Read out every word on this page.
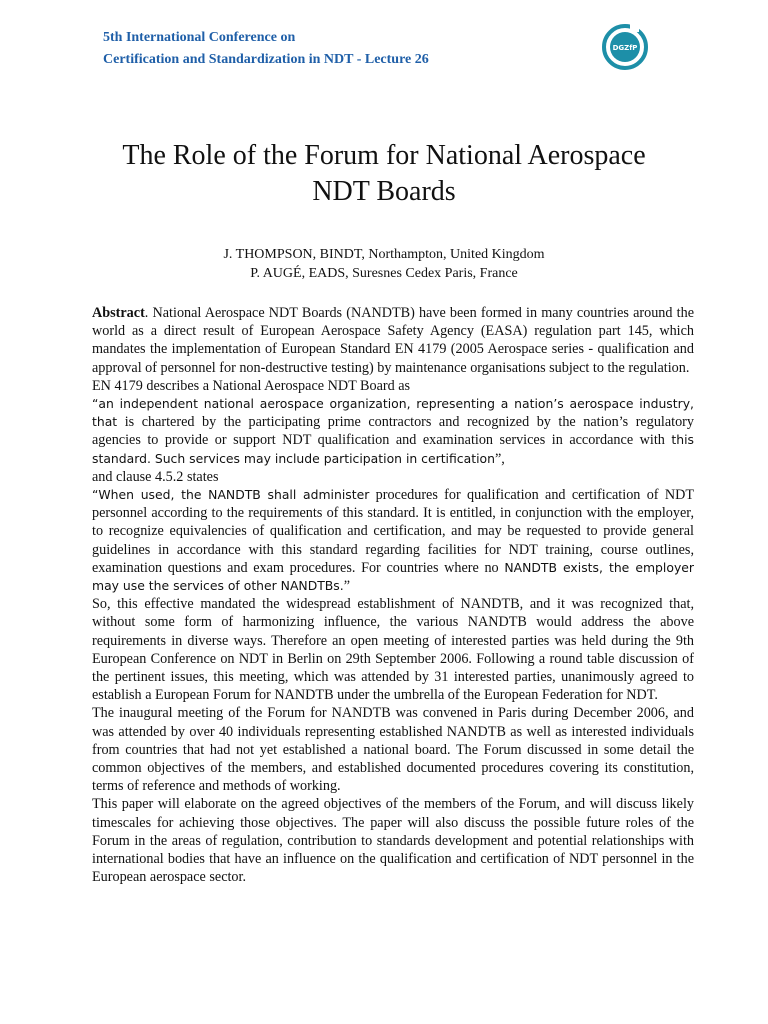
5th International Conference on
Certification and Standardization in NDT - Lecture 26
DGZfP
The Role of the Forum for National Aerospace
NDT Boards
J. THOMPSON, BINDT, Northampton, United Kingdom
P. AUGÉ, EADS, Suresnes Cedex Paris, France

Abstract. National Aerospace NDT Boards (NANDTB) have been formed in many countries around the world as a direct result of European Aerospace Safety Agency (EASA) regulation part 145, which mandates the implementation of European Standard EN 4179 (2005 Aerospace series - qualification and approval of personnel for non-destructive testing) by maintenance organisations subject to the regulation.

EN 4179 describes a National Aerospace NDT Board as

“an independent national aerospace organization, representing a nation’s aerospace industry, that is chartered by the participating prime contractors and recognized by the nation’s regulatory agencies to provide or support NDT qualification and examination services in accordance with this standard. Such services may include participation in certification”,

and clause 4.5.2 states

“When used, the NANDTB shall administer procedures for qualification and certification of NDT personnel according to the requirements of this standard. It is entitled, in conjunction with the employer, to recognize equivalencies of qualification and certification, and may be requested to provide general guidelines in accordance with this standard regarding facilities for NDT training, course outlines, examination questions and exam procedures. For countries where no NANDTB exists, the employer may use the services of other NANDTBs.”

So, this effective mandated the widespread establishment of NANDTB, and it was recognized that, without some form of harmonizing influence, the various NANDTB would address the above requirements in diverse ways. Therefore an open meeting of interested parties was held during the 9th European Conference on NDT in Berlin on 29th September 2006. Following a round table discussion of the pertinent issues, this meeting, which was attended by 31 interested parties, unanimously agreed to establish a European Forum for NANDTB under the umbrella of the European Federation for NDT.

The inaugural meeting of the Forum for NANDTB was convened in Paris during December 2006, and was attended by over 40 individuals representing established NANDTB as well as interested individuals from countries that had not yet established a national board. The Forum discussed in some detail the common objectives of the members, and established documented procedures covering its constitution, terms of reference and methods of working.

This paper will elaborate on the agreed objectives of the members of the Forum, and will discuss likely timescales for achieving those objectives. The paper will also discuss the possible future roles of the Forum in the areas of regulation, contribution to standards development and potential relationships with international bodies that have an influence on the qualification and certification of NDT personnel in the European aerospace sector.
